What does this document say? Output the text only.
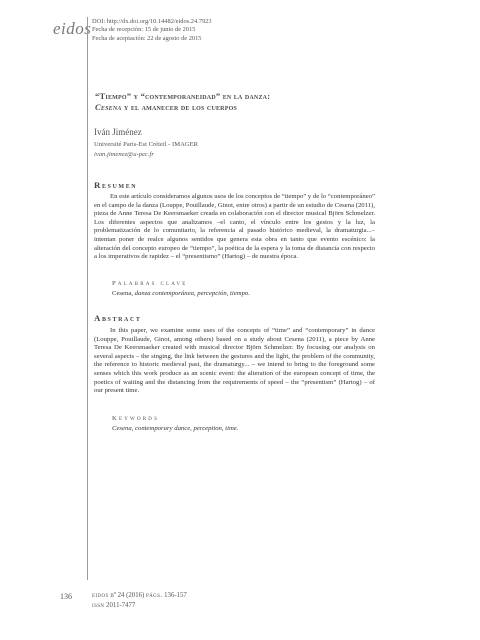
eidos DOI: http://dx.doi.org/10.14482/eidos.24.7923
Fecha de recepción: 15 de junio de 2015
Fecha de aceptación: 22 de agosto de 2015
“Tiempo” y “contemporaneidad” en la danza:
Cesena y el amanecer de los cuerpos
Iván Jiménez
Université Paris-Est Créteil - IMAGER
ivan.jimenez@u-pec.fr
Resumen
En este artículo consideramos algunos usos de los conceptos de “tiempo” y de lo “contemporáneo” en el campo de la danza (Louppe, Pouillaude, Ginot, entre otros) a partir de un estudio de Cesena (2011), pieza de Anne Teresa De Keersmaeker creada en colaboración con el director musical Björn Schmelzer. Los diferentes aspectos que analizamos –el canto, el vínculo entre los gestos y la luz, la problematización de lo comunitario, la referencia al pasado histórico medieval, la dramaturgia...– intentan poner de realce algunos sentidos que genera esta obra en tanto que evento escénico: la alteración del concepto europeo de “tiempo”, la poética de la espera y la toma de distancia con respecto a los imperativos de rapidez – el “presentismo” (Hartog) – de nuestra época.
Palabras clave
Cesena, danza contemporánea, percepción, tiempo.
Abstract
In this paper, we examine some uses of the concepts of “time” and “contemporary” in dance (Louppe, Pouillaude, Ginot, among others) based on a study about Cesena (2011), a piece by Anne Teresa De Keersmaeker created with musical director Björn Schmelzer. By focusing our analysis on several aspects – the singing, the link between the gestures and the light, the problem of the community, the reference to historic medieval past, the dramaturgy... – we intend to bring to the foreground some senses which this work produce as an scenic event: the alteration of the european concept of time, the poetics of waiting and the distancing from the requirements of speed – the “presentism” (Hartog) – of our present time.
Keywords
Cesena, contemporary dance, perception, time.
136	eidos nº 24 (2016) págs. 136-157
issn 2011-7477
